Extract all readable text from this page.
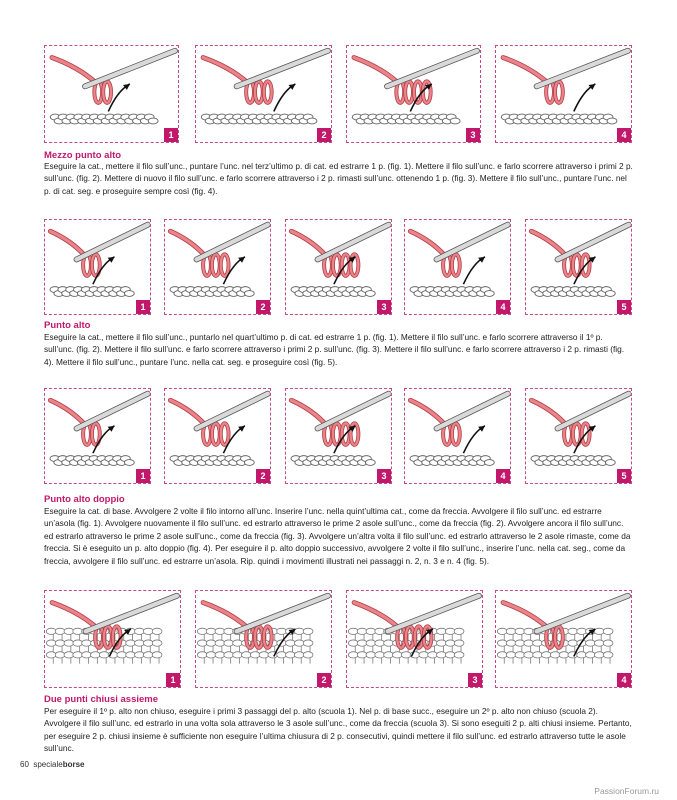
1	2	3	4
Mezzo punto alto
Eseguire la cat., mettere il filo sull’unc., puntare l’unc. nel terz’ultimo p. di cat. ed estrarre 1 p. (fig. 1). Mettere il filo sull’unc. e farlo scorrere attraverso i primi 2 p. sull’unc. (fig. 2). Mettere di nuovo il filo sull’unc. e farlo scorrere attraverso i 2 p. rimasti sull’unc. ottenendo 1 p. (fig. 3). Mettere il filo sull’unc., puntare l’unc. nel p. di cat. seg. e proseguire sempre così (fig. 4).
1	2	3	4	5
Punto alto
Eseguire la cat., mettere il filo sull’unc., puntarlo nel quart’ultimo p. di cat. ed estrarre 1 p. (fig. 1). Mettere il filo sull’unc. e farlo scorrere attraverso il 1º p. sull’unc. (fig. 2). Mettere il filo sull’unc. e farlo scorrere attraverso i primi 2 p. sull’unc. (fig. 3). Mettere il filo sull’unc. e farlo scorrere attraverso i 2 p. rimasti (fig. 4). Mettere il filo sull’unc., puntare l’unc. nella cat. seg. e proseguire così (fig. 5).
1	2	3	4	5
Punto alto doppio
Eseguire la cat. di base. Avvolgere 2 volte il filo intorno all’unc. Inserire l’unc. nella quint’ultima cat., come da freccia. Avvolgere il filo sull’unc. ed estrarre un’asola (fig. 1). Avvolgere nuovamente il filo sull’unc. ed estrarlo attraverso le prime 2 asole sull’unc., come da freccia (fig. 2). Avvolgere ancora il filo sull’unc. ed estrarlo attraverso le prime 2 asole sull’unc., come da freccia (fig. 3). Avvolgere un’altra volta il filo sull’unc. ed estrarlo attraverso le 2 asole rimaste, come da freccia. Si è eseguito un p. alto doppio (fig. 4). Per eseguire il p. alto doppio successivo, avvolgere 2 volte il filo sull’unc., inserire l’unc. nella cat. seg., come da freccia, avvolgere il filo sull’unc. ed estrarre un’asola. Rip. quindi i movimenti illustrati nei passaggi n. 2, n. 3 e n. 4 (fig. 5).
1	2	3	4
Due punti chiusi assieme
Per eseguire il 1º p. alto non chiuso, eseguire i primi 3 passaggi del p. alto (scuola 1). Nel p. di base succ., eseguire un 2º p. alto non chiuso (scuola 2). Avvolgere il filo sull’unc. ed estrarlo in una volta sola attraverso le 3 asole sull’unc., come da freccia (scuola 3). Si sono eseguiti 2 p. alti chiusi insieme. Pertanto, per eseguire 2 p. chiusi insieme è sufficiente non eseguire l’ultima chiusura di 2 p. consecutivi, quindi mettere il filo sull’unc. ed estrarlo attraverso tutte le asole sull’unc.
60 specialeborse
PassionForum.ru
